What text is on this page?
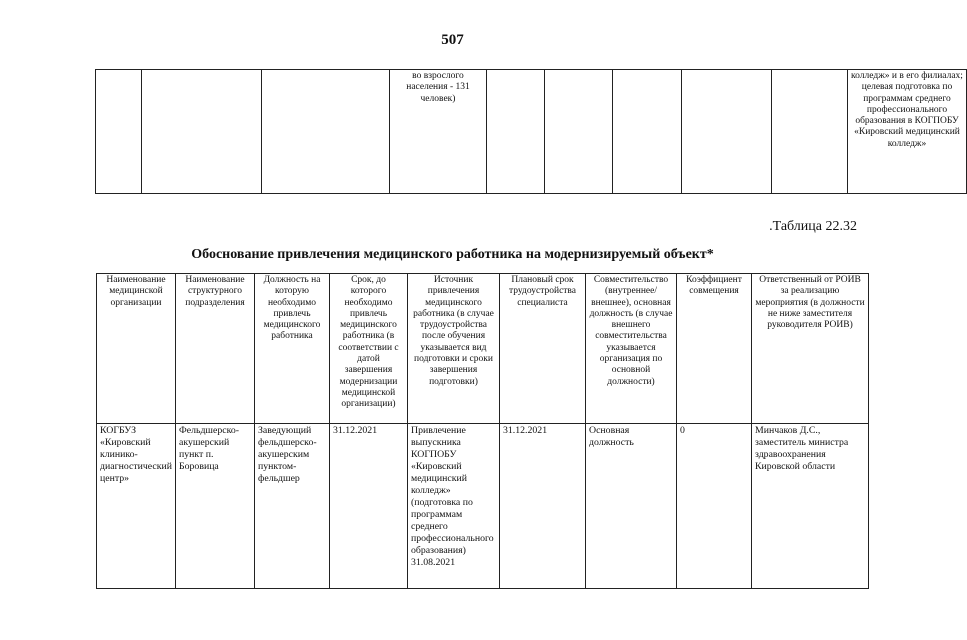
507
			во взрослого населения - 131 человек)						колледж» и в его филиалах; целевая подготовка по программам среднего профессионального образования в КОГПОБУ «Кировский медицинский колледж»
.Таблица 22.32
Обоснование привлечения медицинского работника на модернизируемый объект*
Наименование медицинской организации	Наименование структурного подразделения	Должность на которую необходимо привлечь медицинского работника	Срок, до которого необходимо привлечь медицинского работника (в соответствии с датой завершения модернизации медицинской организации)	Источник привлечения медицинского работника (в случае трудоустройства после обучения указывается вид подготовки и сроки завершения подготовки)	Плановый срок трудоустройства специалиста	Совместительство (внутреннее/внешнее), основная должность (в случае внешнего совместительства указывается организация по основной должности)	Коэффициент совмещения	Ответственный от РОИВ за реализацию мероприятия (в должности не ниже заместителя руководителя РОИВ)
КОГБУЗ «Кировский клинико-диагностический центр»	Фельдшерско-акушерский пункт п. Боровица	Заведующий фельдшерско-акушерским пунктом-фельдшер	31.12.2021	Привлечение выпускника КОГПОБУ «Кировский медицинский колледж» (подготовка по программам среднего профессионального образования) 31.08.2021	31.12.2021	Основная должность	0	Минчаков Д.С., заместитель министра здравоохранения Кировской области
